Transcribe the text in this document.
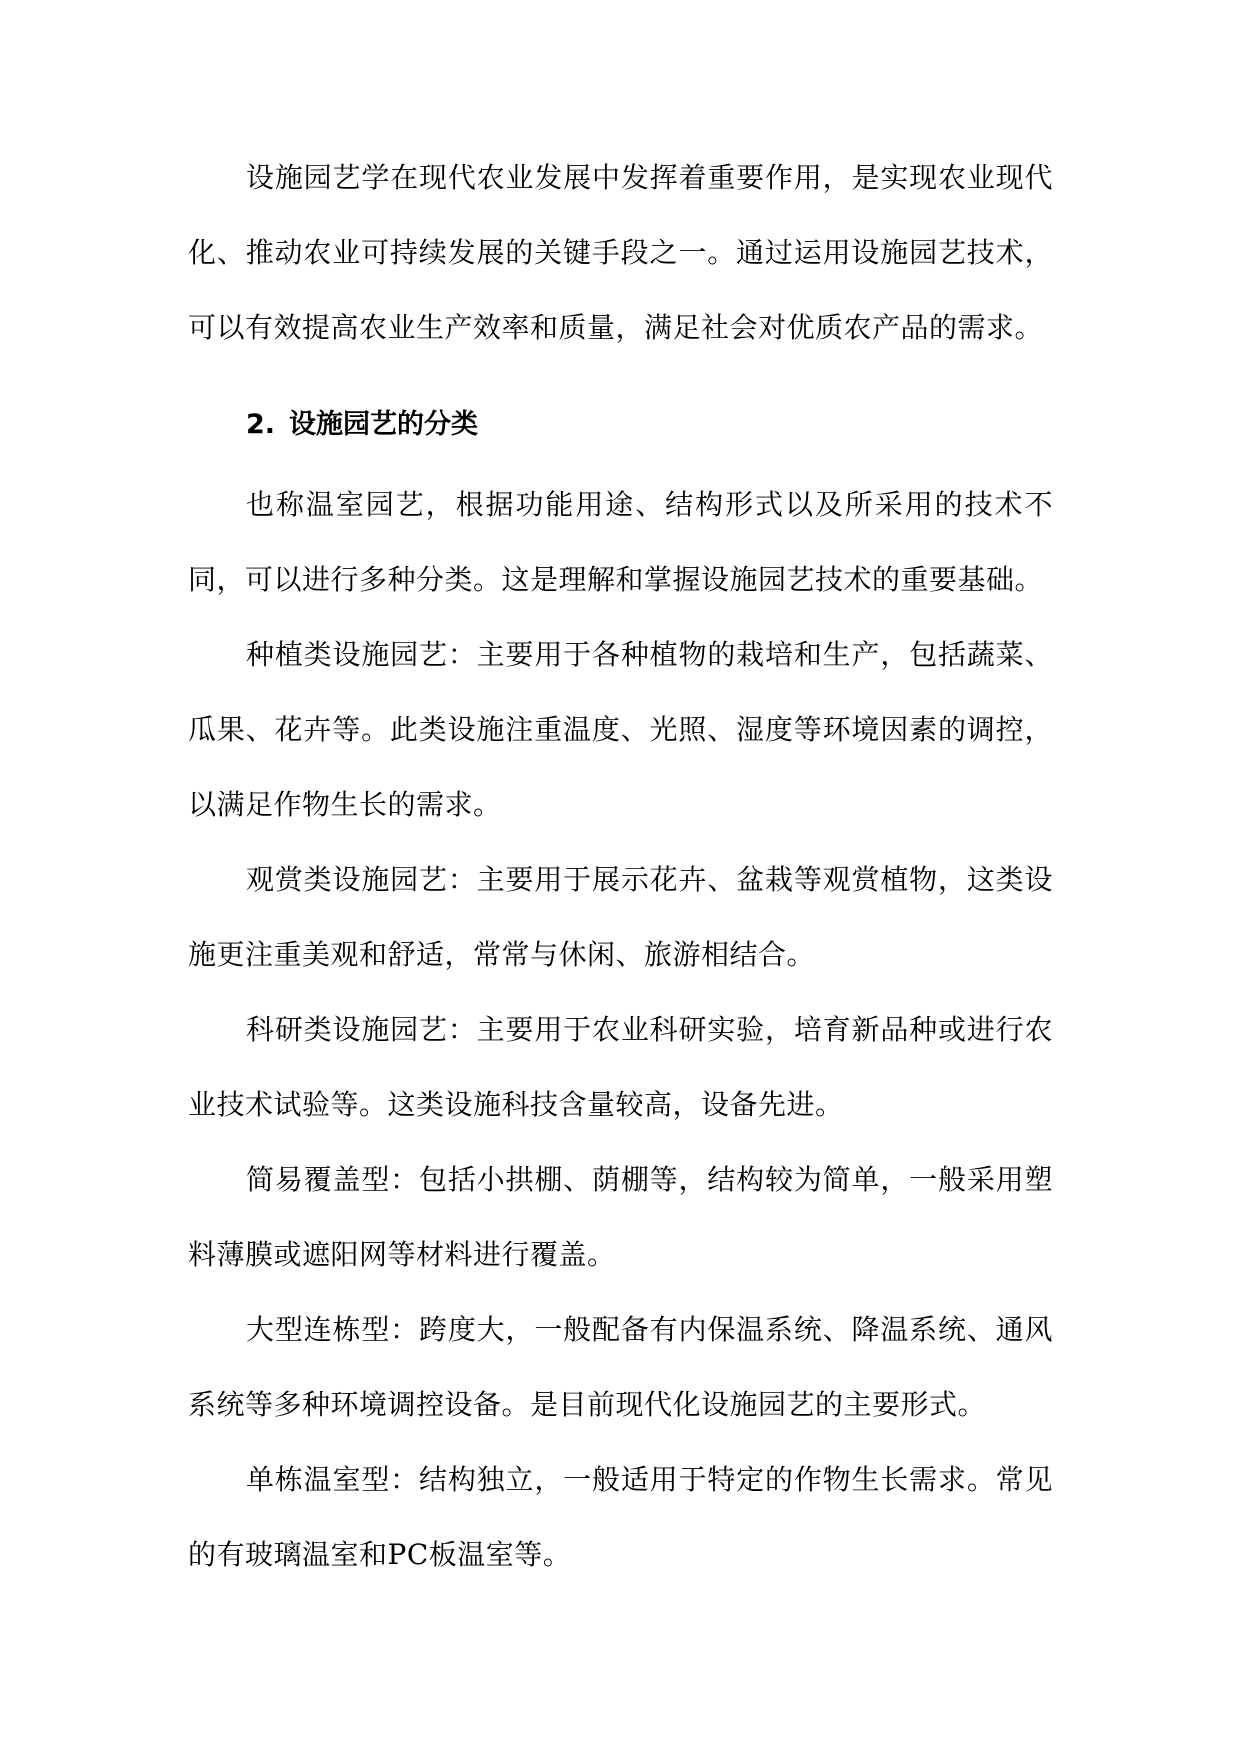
设施园艺学在现代农业发展中发挥着重要作用，是实现农业现代化、推动农业可持续发展的关键手段之一。通过运用设施园艺技术，可以有效提高农业生产效率和质量，满足社会对优质农产品的需求。

2. 设施园艺的分类

也称温室园艺，根据功能用途、结构形式以及所采用的技术不同，可以进行多种分类。这是理解和掌握设施园艺技术的重要基础。

种植类设施园艺：主要用于各种植物的栽培和生产，包括蔬菜、瓜果、花卉等。此类设施注重温度、光照、湿度等环境因素的调控，以满足作物生长的需求。

观赏类设施园艺：主要用于展示花卉、盆栽等观赏植物，这类设施更注重美观和舒适，常常与休闲、旅游相结合。

科研类设施园艺：主要用于农业科研实验，培育新品种或进行农业技术试验等。这类设施科技含量较高，设备先进。

简易覆盖型：包括小拱棚、荫棚等，结构较为简单，一般采用塑料薄膜或遮阳网等材料进行覆盖。

大型连栋型：跨度大，一般配备有内保温系统、降温系统、通风系统等多种环境调控设备。是目前现代化设施园艺的主要形式。

单栋温室型：结构独立，一般适用于特定的作物生长需求。常见的有玻璃温室和PC板温室等。
